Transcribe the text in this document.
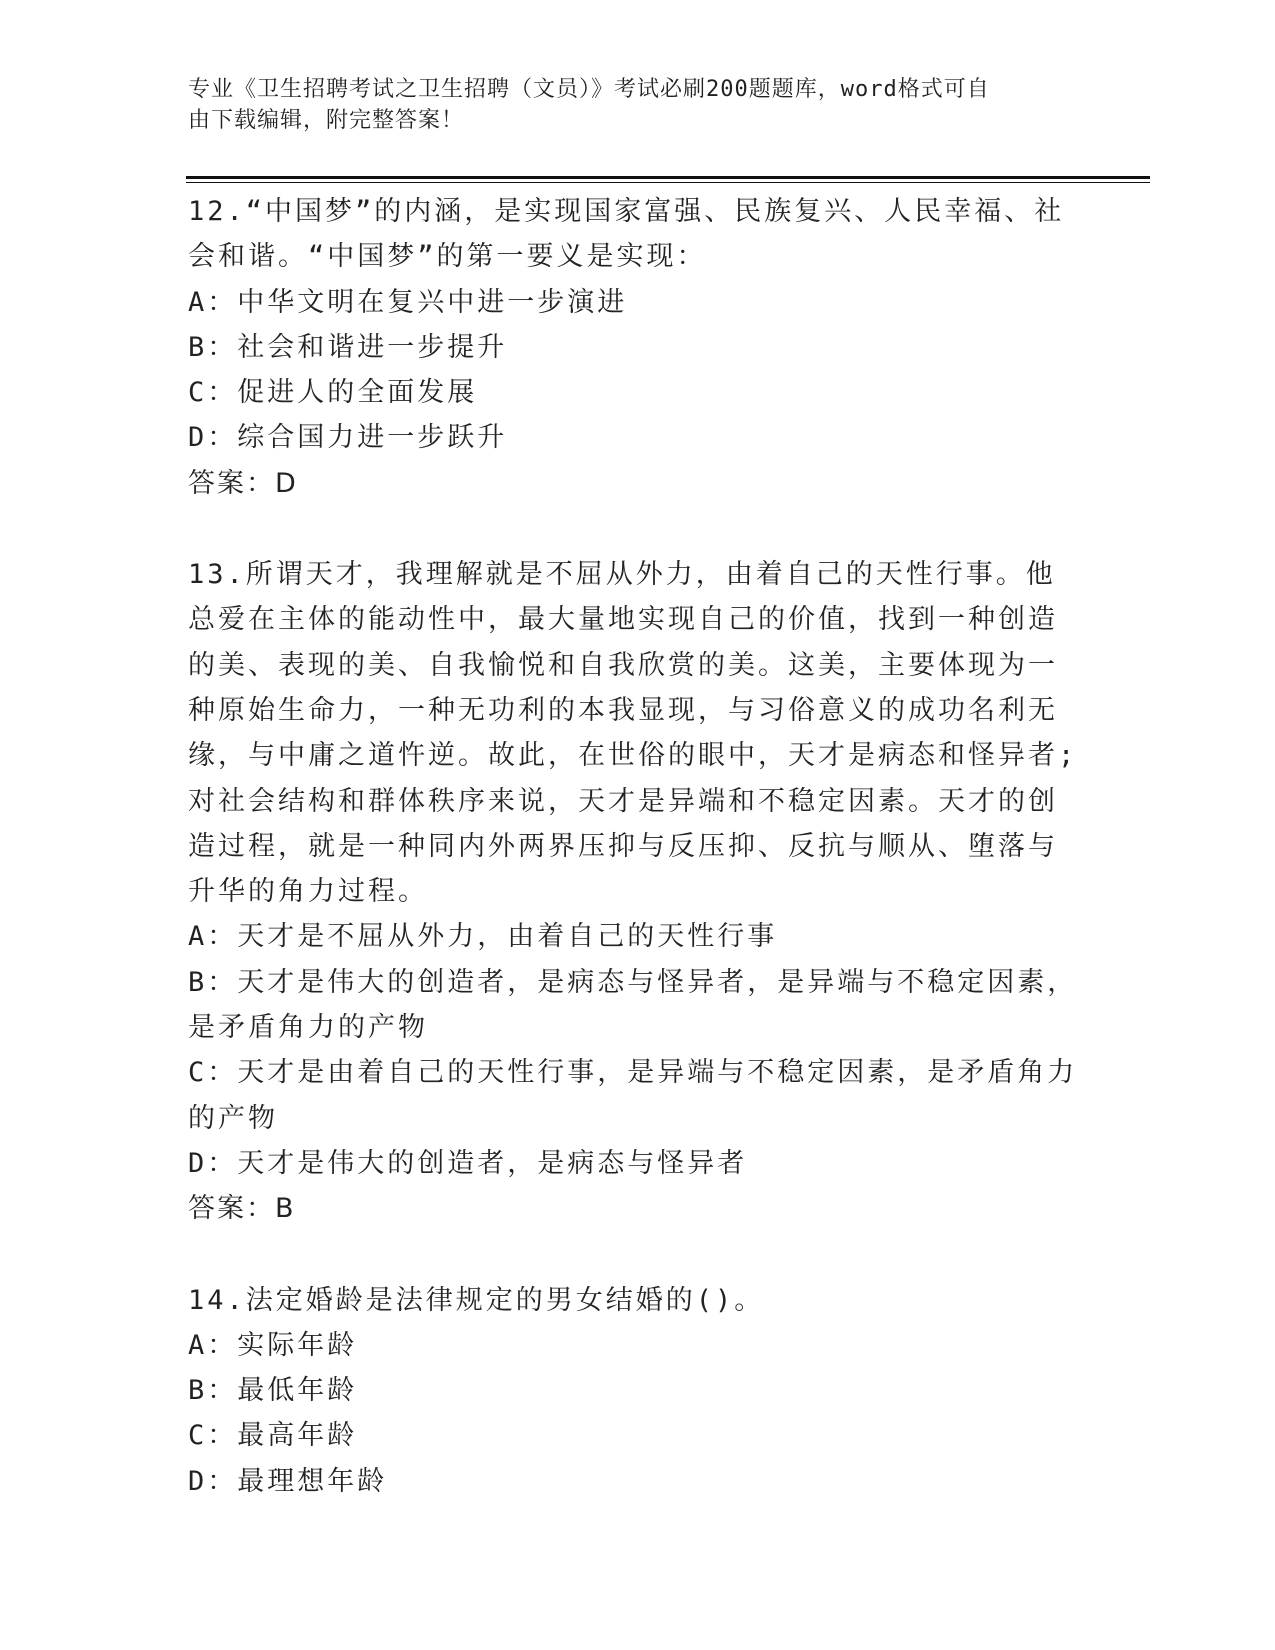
专业《卫生招聘考试之卫生招聘（文员）》考试必刷200题题库，word格式可自
由下载编辑，附完整答案！

12.“中国梦”的内涵，是实现国家富强、民族复兴、人民幸福、社会和谐。“中国梦”的第一要义是实现：

A：中华文明在复兴中进一步演进

B：社会和谐进一步提升

C：促进人的全面发展

D：综合国力进一步跃升

答案：D

13.所谓天才，我理解就是不屈从外力，由着自己的天性行事。他总爱在主体的能动性中，最大量地实现自己的价值，找到一种创造的美、表现的美、自我愉悦和自我欣赏的美。这美，主要体现为一种原始生命力，一种无功利的本我显现，与习俗意义的成功名利无缘，与中庸之道忤逆。故此，在世俗的眼中，天才是病态和怪异者;对社会结构和群体秩序来说，天才是异端和不稳定因素。天才的创造过程，就是一种同内外两界压抑与反压抑、反抗与顺从、堕落与升华的角力过程。

A：天才是不屈从外力，由着自己的天性行事

B：天才是伟大的创造者，是病态与怪异者，是异端与不稳定因素，是矛盾角力的产物

C：天才是由着自己的天性行事，是异端与不稳定因素，是矛盾角力的产物

D：天才是伟大的创造者，是病态与怪异者

答案：B

14.法定婚龄是法律规定的男女结婚的()。

A：实际年龄

B：最低年龄

C：最高年龄

D：最理想年龄
